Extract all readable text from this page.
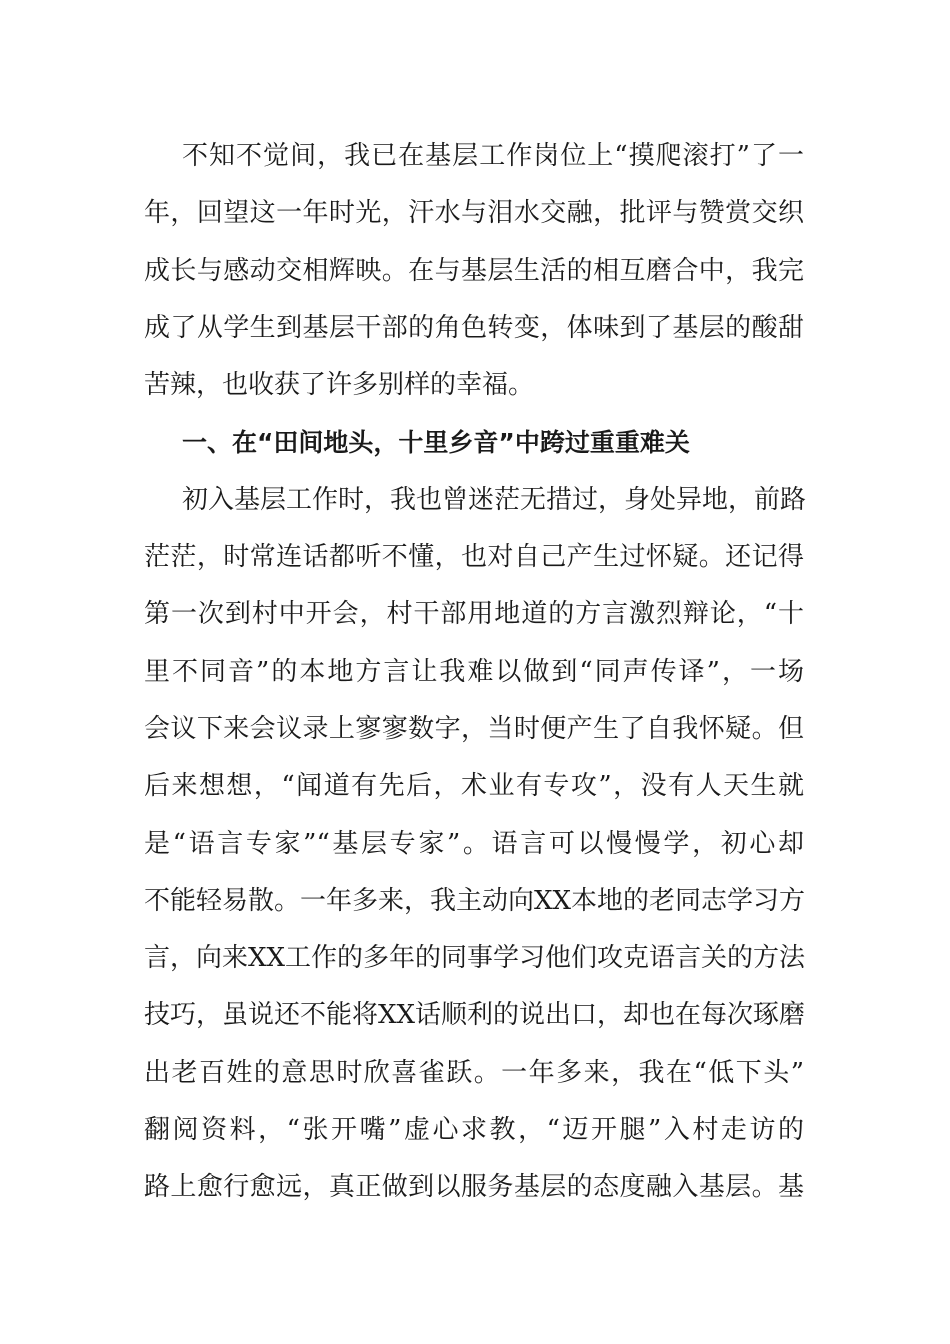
不知不觉间，我已在基层工作岗位上“摸爬滚打”了一
年，回望这一年时光，汗水与泪水交融，批评与赞赏交织
成长与感动交相辉映。在与基层生活的相互磨合中，我完
成了从学生到基层干部的角色转变，体味到了基层的酸甜
苦辣，也收获了许多别样的幸福。
一、在“田间地头，十里乡音”中跨过重重难关
初入基层工作时，我也曾迷茫无措过，身处异地，前路
茫茫，时常连话都听不懂，也对自己产生过怀疑。还记得
第一次到村中开会，村干部用地道的方言激烈辩论，“十
里不同音”的本地方言让我难以做到“同声传译”，一场
会议下来会议录上寥寥数字，当时便产生了自我怀疑。但
后来想想，“闻道有先后，术业有专攻”，没有人天生就
是“语言专家”“基层专家”。语言可以慢慢学，初心却
不能轻易散。一年多来，我主动向XX本地的老同志学习方
言，向来XX工作的多年的同事学习他们攻克语言关的方法
技巧，虽说还不能将XX话顺利的说出口，却也在每次琢磨
出老百姓的意思时欣喜雀跃。一年多来，我在“低下头”
翻阅资料，“张开嘴”虚心求教，“迈开腿”入村走访的
路上愈行愈远，真正做到以服务基层的态度融入基层。基
